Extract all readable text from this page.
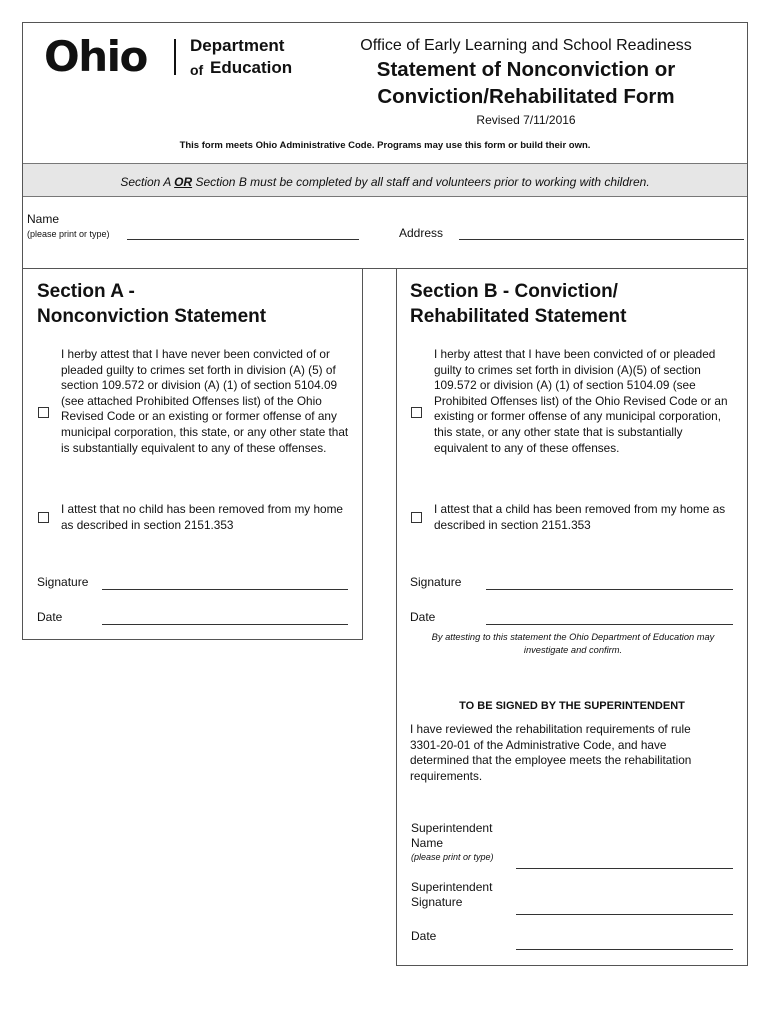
Ohio	Department
of Education
Office of Early Learning and School Readiness
Statement of Nonconviction or
Conviction/Rehabilitated Form
Revised 7/11/2016
This form meets Ohio Administrative Code. Programs may use this form or build their own.
Section A OR Section B must be completed by all staff and volunteers prior to working with children.
Name
(please print or type)	Address
Section A -
Nonconviction Statement
I herby attest that I have never been convicted of or pleaded guilty to crimes set forth in division (A) (5) of section 109.572 or division (A) (1) of section 5104.09 (see attached Prohibited Offenses list) of the Ohio Revised Code or an existing or former offense of any municipal corporation, this state, or any other state that is substantially equivalent to any of these offenses.
I attest that no child has been removed from my home as described in section 2151.353
Signature
Date
Section B - Conviction/
Rehabilitated Statement
I herby attest that I have been convicted of or pleaded guilty to crimes set forth in division (A)(5) of section 109.572 or division (A) (1) of section 5104.09 (see Prohibited Offenses list) of the Ohio Revised Code or an existing or former offense of any municipal corporation, this state, or any other state that is substantially equivalent to any of these offenses.
I attest that a child has been removed from my home as described in section 2151.353
Signature
Date
By attesting to this statement the Ohio Department of Education may investigate and confirm.
TO BE SIGNED BY THE SUPERINTENDENT
I have reviewed the rehabilitation requirements of rule 3301-20-01 of the Administrative Code, and have determined that the employee meets the rehabilitation requirements.
Superintendent
Name
(please print or type)
Superintendent
Signature
Date
